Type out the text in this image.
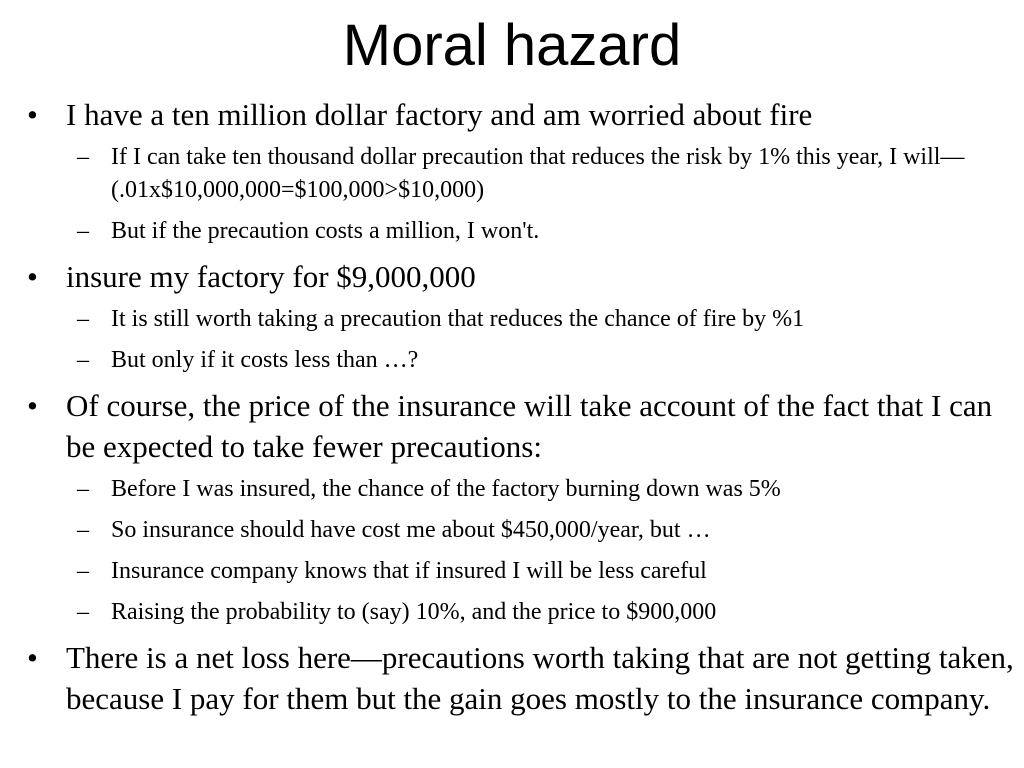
Moral hazard
• I have a ten million dollar factory and am worried about fire
– If I can take ten thousand dollar precaution that reduces the risk by 1% this year, I will—(.01x$10,000,000=$100,000>$10,000)
– But if the precaution costs a million, I won't.
• insure my factory for $9,000,000
– It is still worth taking a precaution that reduces the chance of fire by %1
– But only if it costs less than …?
• Of course, the price of the insurance will take account of the fact that I can be expected to take fewer precautions:
– Before I was insured, the chance of the factory burning down was 5%
– So insurance should have cost me about $450,000/year, but …
– Insurance company knows that if insured I will be less careful
– Raising the probability to (say) 10%, and the price to $900,000
• There is a net loss here—precautions worth taking that are not getting taken, because I pay for them but the gain goes mostly to the insurance company.
